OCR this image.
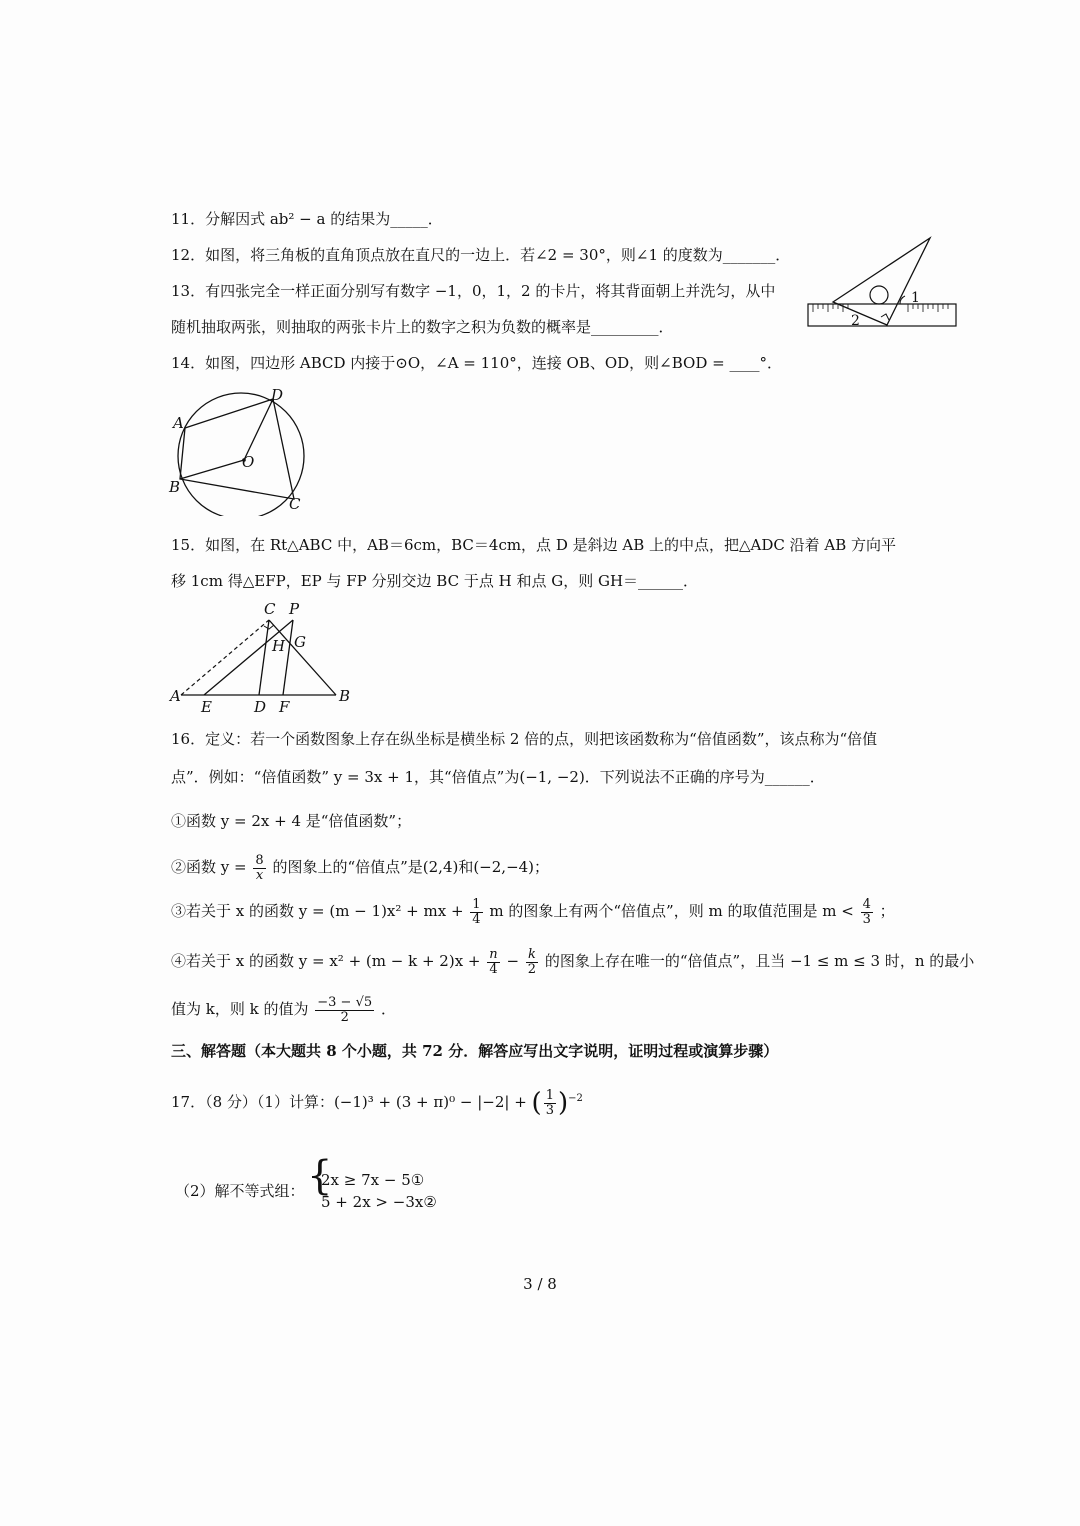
11．分解因式 ab² − a 的结果为_____．
12．如图，将三角板的直角顶点放在直尺的一边上．若∠2 = 30°，则∠1 的度数为_______．
13．有四张完全一样正面分别写有数字 −1，0，1，2 的卡片，将其背面朝上并洗匀，从中
随机抽取两张，则抽取的两张卡片上的数字之积为负数的概率是_________．
1
2
14．如图，四边形 ABCD 内接于⊙O，∠A = 110°，连接 OB、OD，则∠BOD = ____°．
A
D
O
B
C
15．如图，在 Rt△ABC 中，AB＝6cm，BC＝4cm，点 D 是斜边 AB 上的中点，把△ADC 沿着 AB 方向平
移 1cm 得△EFP，EP 与 FP 分别交边 BC 于点 H 和点 G，则 GH＝______．
C P
H G
A	B
E	D F
16．定义：若一个函数图象上存在纵坐标是横坐标 2 倍的点，则把该函数称为“倍值函数”，该点称为“倍值
点”．例如：“倍值函数” y = 3x + 1，其“倍值点”为(−1, −2)．下列说法不正确的序号为______．
①函数 y = 2x + 4 是“倍值函数”；
②函数 $y = \frac{8}{x}$ 的图象上的“倍值点”是(2,4)和(−2,−4)；
③若关于 x 的函数 y = (m − 1)x² + mx + $\frac{1}{4}$ m 的图象上有两个“倍值点”，则 m 的取值范围是 $m < \frac{4}{3}$ ；
④若关于 x 的函数 $y = x^2 + (m - k + 2)x + \frac{n}{4} - \frac{k}{2}$ 的图象上存在唯一的“倍值点”，且当 −1 ≤ m ≤ 3 时，n 的最小
值为 k，则 k 的值为 $\frac{-3 - √5}{2}$ ．
三、解答题（本大题共 8 个小题，共 72 分．解答应写出文字说明，证明过程或演算步骤）
17．（8 分）（1）计算：(−1)³ + (3 + π)⁰ − |−2| + ( $\frac{1}{3} )^{-2}$
（2）解不等式组： {
2x ≥ 7x − 5①
5 + 2x > −3x②
3 / 8
